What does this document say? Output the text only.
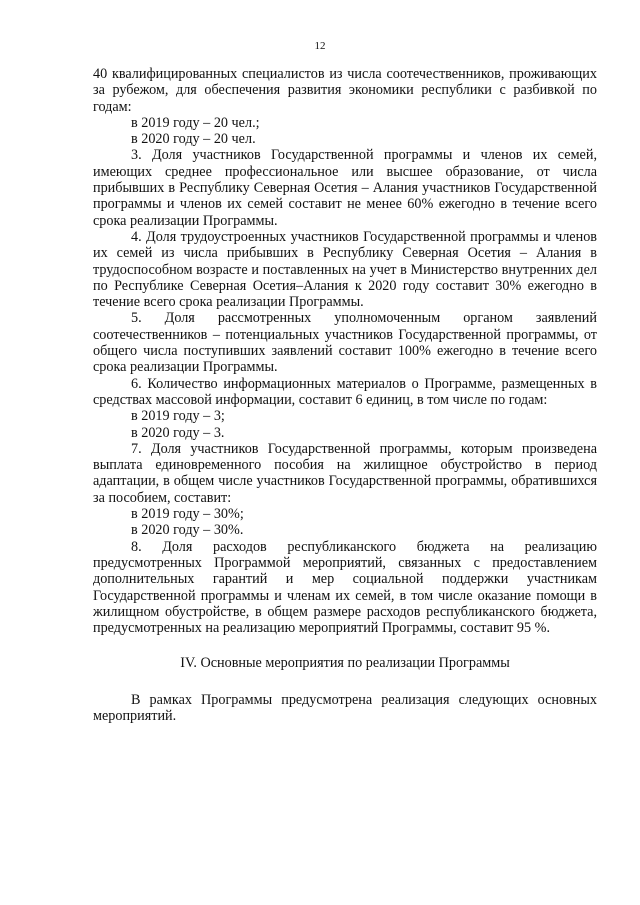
12

40 квалифицированных специалистов из числа соотечественников, проживающих за рубежом, для обеспечения развития экономики республики с разбивкой по годам:

в 2019 году – 20 чел.;

в 2020 году – 20 чел.

3. Доля участников Государственной программы и членов их семей, имеющих среднее профессиональное или высшее образование, от числа прибывших в Республику Северная Осетия – Алания участников Государственной программы и членов их семей составит не менее 60% ежегодно в течение всего срока реализации Программы.

4. Доля трудоустроенных участников Государственной программы и членов их семей из числа прибывших в Республику Северная Осетия – Алания в трудоспособном возрасте и поставленных на учет в Министерство внутренних дел по Республике Северная Осетия–Алания к 2020 году составит 30% ежегодно в течение всего срока реализации Программы.

5. Доля рассмотренных уполномоченным органом заявлений соотечественников – потенциальных участников Государственной программы, от общего числа поступивших заявлений составит 100% ежегодно в течение всего срока реализации Программы.

6. Количество информационных материалов о Программе, размещенных в средствах массовой информации, составит 6 единиц, в том числе по годам:

в 2019 году – 3;

в 2020 году – 3.

7. Доля участников Государственной программы, которым произведена выплата единовременного пособия на жилищное обустройство в период адаптации, в общем числе участников Государственной программы, обратившихся за пособием, составит:

в 2019 году – 30%;

в 2020 году – 30%.

8. Доля расходов республиканского бюджета на реализацию предусмотренных Программой мероприятий, связанных с предоставлением дополнительных гарантий и мер социальной поддержки участникам Государственной программы и членам их семей, в том числе оказание помощи в жилищном обустройстве, в общем размере расходов республиканского бюджета, предусмотренных на реализацию мероприятий Программы, составит 95 %.

IV. Основные мероприятия по реализации Программы

В рамках Программы предусмотрена реализация следующих основных мероприятий.
